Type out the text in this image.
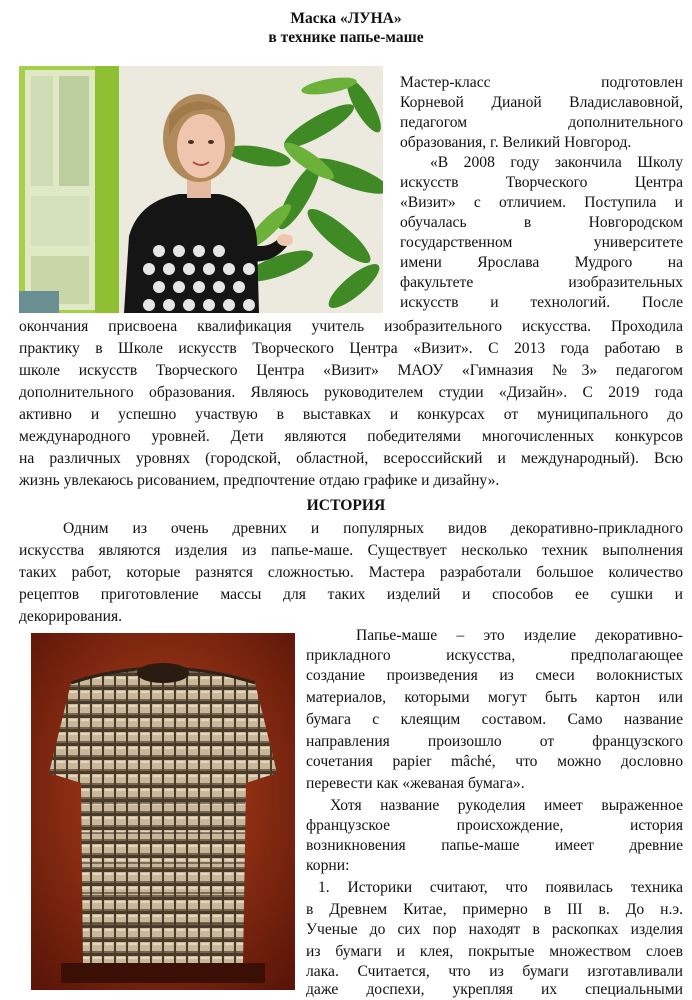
Маска «ЛУНА»
в технике папье-маше
Мастер-класс подготовлен
Корневой Дианой Владиславовной,
педагогом дополнительного
образования, г. Великий Новгород.
«В 2008 году закончила Школу
искусств Творческого Центра
«Визит» с отличием. Поступила и
обучалась в Новгородском
государственном университете
имени Ярослава Мудрого на
факультете изобразительных
искусств и технологий. После
окончания присвоена квалификация учитель изобразительного искусства. Проходила
практику в Школе искусств Творческого Центра «Визит». С 2013 года работаю в
школе искусств Творческого Центра «Визит» МАОУ «Гимназия №3» педагогом
дополнительного образования. Являюсь руководителем студии «Дизайн». С 2019 года
активно и успешно участвую в выставках и конкурсах от муниципального до
международного уровней. Дети являются победителями многочисленных конкурсов
на различных уровнях (городской, областной, всероссийский и международный). Всю
жизнь увлекаюсь рисованием, предпочтение отдаю графике и дизайну».
ИСТОРИЯ
Одним из очень древних и популярных видов декоративно-прикладного
искусства являются изделия из папье-маше. Существует несколько техник выполнения
таких работ, которые разнятся сложностью. Мастера разработали большое количество
рецептов приготовление массы для таких изделий и способов ее сушки и
декорирования.
Папье-маше – это изделие декоративно-
прикладного искусства, предполагающее
создание произведения из смеси волокнистых
материалов, которыми могут быть картон или
бумага с клеящим составом. Само название
направления произошло от французского
сочетания papier mâché, что можно дословно
перевести как «жеваная бумага».
Хотя название рукоделия имеет выраженное
французское происхождение, история
возникновения папье-маше имеет древние
корни:
1. Историки считают, что появилась техника
в Древнем Китае, примерно в III в. До н.э.
Ученые до сих пор находят в раскопках изделия
из бумаги и клея, покрытые множеством слоев
лака. Считается, что из бумаги изготавливали
даже доспехи, укрепляя их специальными
